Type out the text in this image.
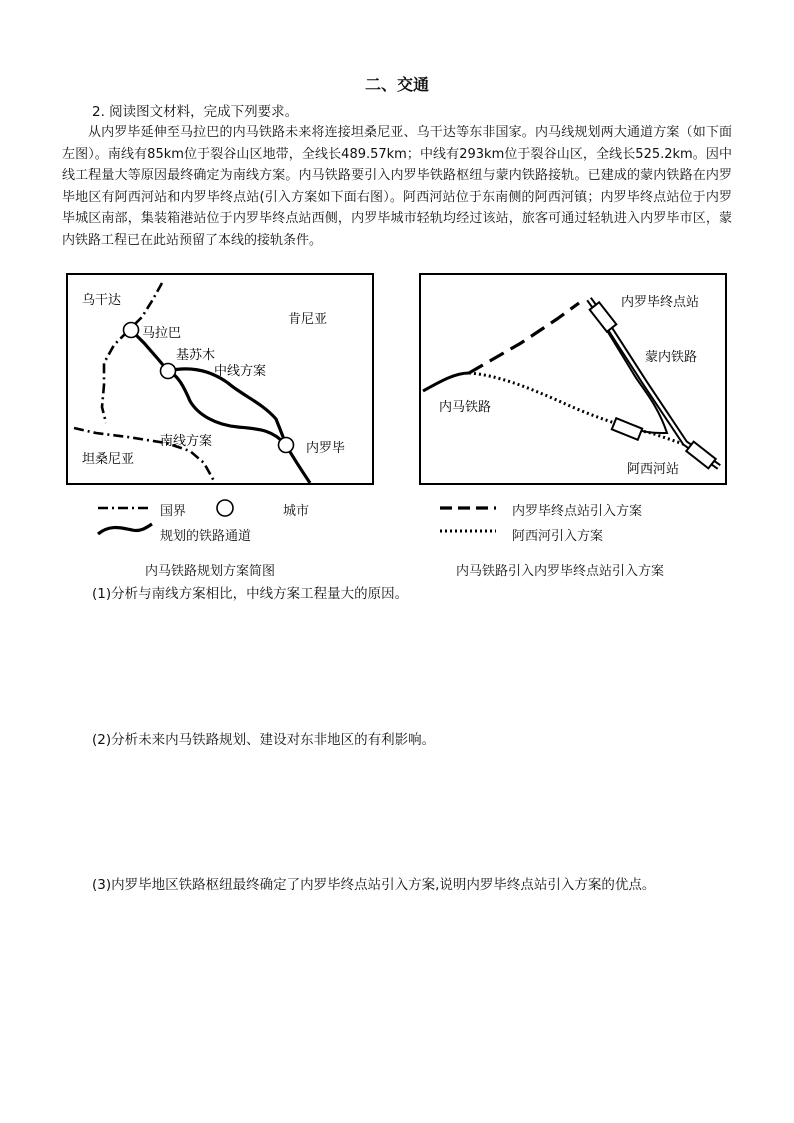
二、交通
2. 阅读图文材料，完成下列要求。
从内罗毕延伸至马拉巴的内马铁路未来将连接坦桑尼亚、乌干达等东非国家。内马线规划两大通道方案（如下面左图）。南线有85km位于裂谷山区地带，全线长489.57km；中线有293km位于裂谷山区，全线长525.2km。因中线工程量大等原因最终确定为南线方案。内马铁路要引入内罗毕铁路枢纽与蒙内铁路接轨。已建成的蒙内铁路在内罗毕地区有阿西河站和内罗毕终点站(引入方案如下面右图）。阿西河站位于东南侧的阿西河镇；内罗毕终点站位于内罗毕城区南部，集装箱港站位于内罗毕终点站西侧，内罗毕城市轻轨均经过该站，旅客可通过轻轨进入内罗毕市区，蒙内铁路工程已在此站预留了本线的接轨条件。
乌干达
肯尼亚
马拉巴
基苏木
中线方案
南线方案	内罗毕
坦桑尼亚
内罗毕终点站
蒙内铁路
内马铁路
阿西河站
国界	城市
规划的铁路通道
内罗毕终点站引入方案
阿西河引入方案
内马铁路规划方案简图	内马铁路引入内罗毕终点站引入方案
(1)分析与南线方案相比，中线方案工程量大的原因。
(2)分析未来内马铁路规划、建设对东非地区的有利影响。
(3)内罗毕地区铁路枢纽最终确定了内罗毕终点站引入方案,说明内罗毕终点站引入方案的优点。
